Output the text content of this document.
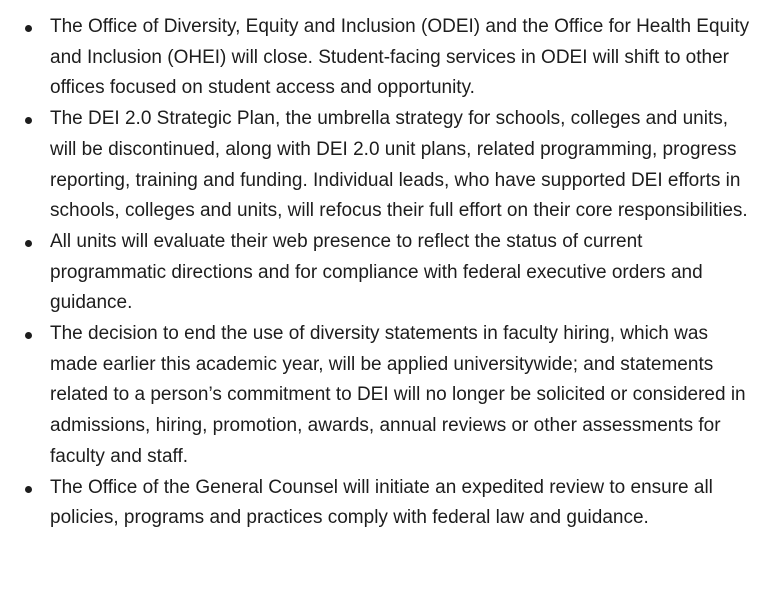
The Office of Diversity, Equity and Inclusion (ODEI) and the Office for Health Equity and Inclusion (OHEI) will close. Student-facing services in ODEI will shift to other offices focused on student access and opportunity.
The DEI 2.0 Strategic Plan, the umbrella strategy for schools, colleges and units, will be discontinued, along with DEI 2.0 unit plans, related programming, progress reporting, training and funding. Individual leads, who have supported DEI efforts in schools, colleges and units, will refocus their full effort on their core responsibilities.
All units will evaluate their web presence to reflect the status of current programmatic directions and for compliance with federal executive orders and guidance.
The decision to end the use of diversity statements in faculty hiring, which was made earlier this academic year, will be applied universitywide; and statements related to a person’s commitment to DEI will no longer be solicited or considered in admissions, hiring, promotion, awards, annual reviews or other assessments for faculty and staff.
The Office of the General Counsel will initiate an expedited review to ensure all policies, programs and practices comply with federal law and guidance.
